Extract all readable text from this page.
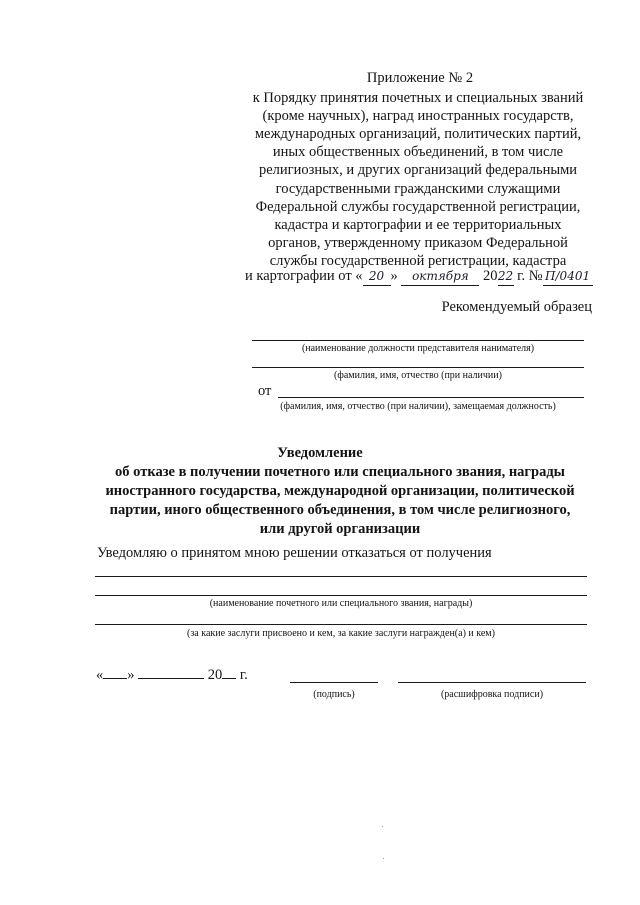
Приложение № 2
к Порядку принятия почетных и специальных званий
(кроме научных), наград иностранных государств,
международных организаций, политических партий,
иных общественных объединений, в том числе
религиозных, и других организаций федеральными
государственными гражданскими служащими
Федеральной службы государственной регистрации,
кадастра и картографии и ее территориальных
органов, утвержденному приказом Федеральной
службы государственной регистрации, кадастра
и картографии от « 20 » октября 2022 г. № П/0401
Рекомендуемый образец
(наименование должности представителя нанимателя)
(фамилия, имя, отчество (при наличии)
от
(фамилия, имя, отчество (при наличии), замещаемая должность)
Уведомление
об отказе в получении почетного или специального звания, награды
иностранного государства, международной организации, политической
партии, иного общественного объединения, в том числе религиозного,
или другой организации
Уведомляю о принятом мною решении отказаться от получения
(наименование почетного или специального звания, награды)
(за какие заслуги присвоено и кем, за какие заслуги награжден(а) и кем)
« »	20 г.
(подпись)	(расшифровка подписи)
